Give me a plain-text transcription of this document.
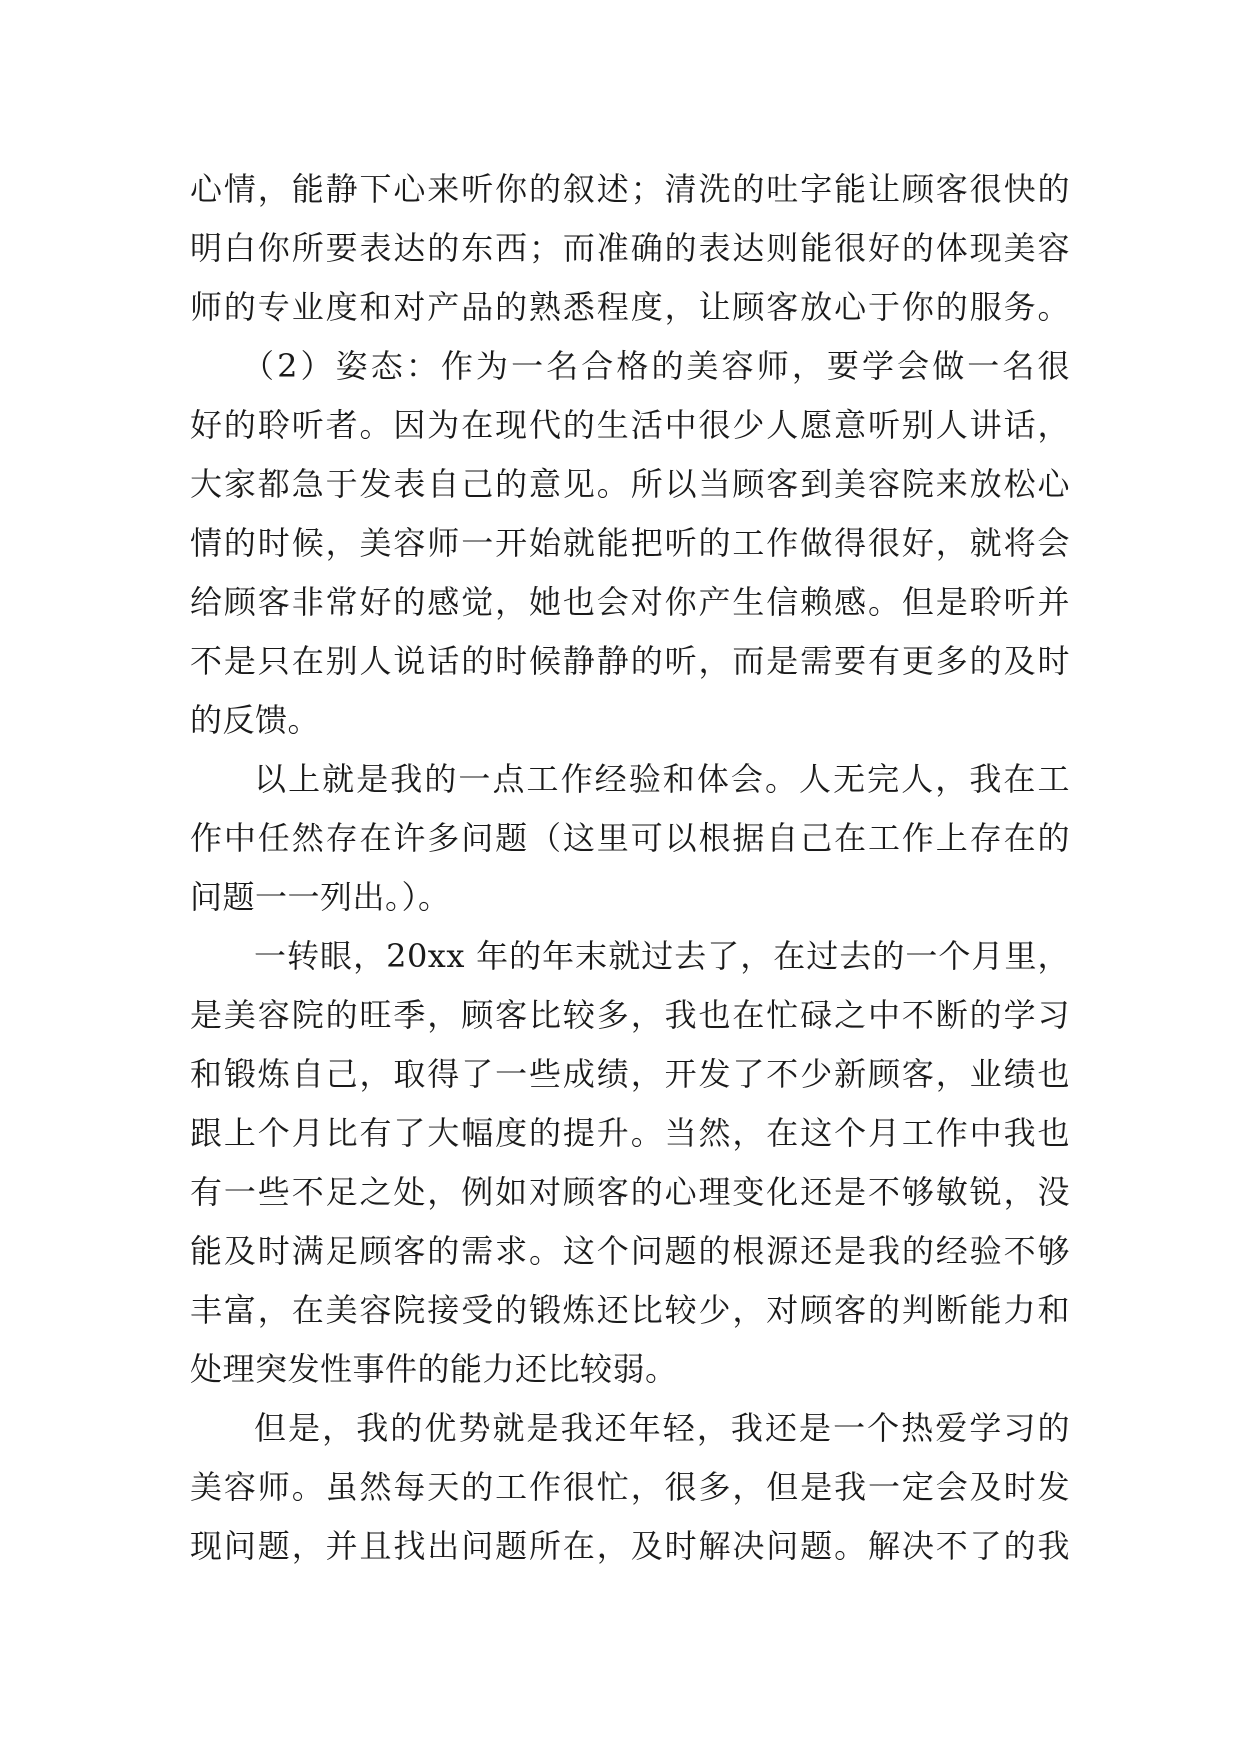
心情，能静下心来听你的叙述；清洗的吐字能让顾客很快的
明白你所要表达的东西；而准确的表达则能很好的体现美容
师的专业度和对产品的熟悉程度，让顾客放心于你的服务。
（2）姿态：作为一名合格的美容师，要学会做一名很
好的聆听者。因为在现代的生活中很少人愿意听别人讲话，
大家都急于发表自己的意见。所以当顾客到美容院来放松心
情的时候，美容师一开始就能把听的工作做得很好，就将会
给顾客非常好的感觉，她也会对你产生信赖感。但是聆听并
不是只在别人说话的时候静静的听，而是需要有更多的及时
的反馈。
以上就是我的一点工作经验和体会。人无完人，我在工
作中任然存在许多问题（这里可以根据自己在工作上存在的
问题一一列出。）。
一转眼，20xx 年的年末就过去了，在过去的一个月里，
是美容院的旺季，顾客比较多，我也在忙碌之中不断的学习
和锻炼自己，取得了一些成绩，开发了不少新顾客，业绩也
跟上个月比有了大幅度的提升。当然，在这个月工作中我也
有一些不足之处，例如对顾客的心理变化还是不够敏锐，没
能及时满足顾客的需求。这个问题的根源还是我的经验不够
丰富，在美容院接受的锻炼还比较少，对顾客的判断能力和
处理突发性事件的能力还比较弱。
但是，我的优势就是我还年轻，我还是一个热爱学习的
美容师。虽然每天的工作很忙，很多，但是我一定会及时发
现问题，并且找出问题所在，及时解决问题。解决不了的我
